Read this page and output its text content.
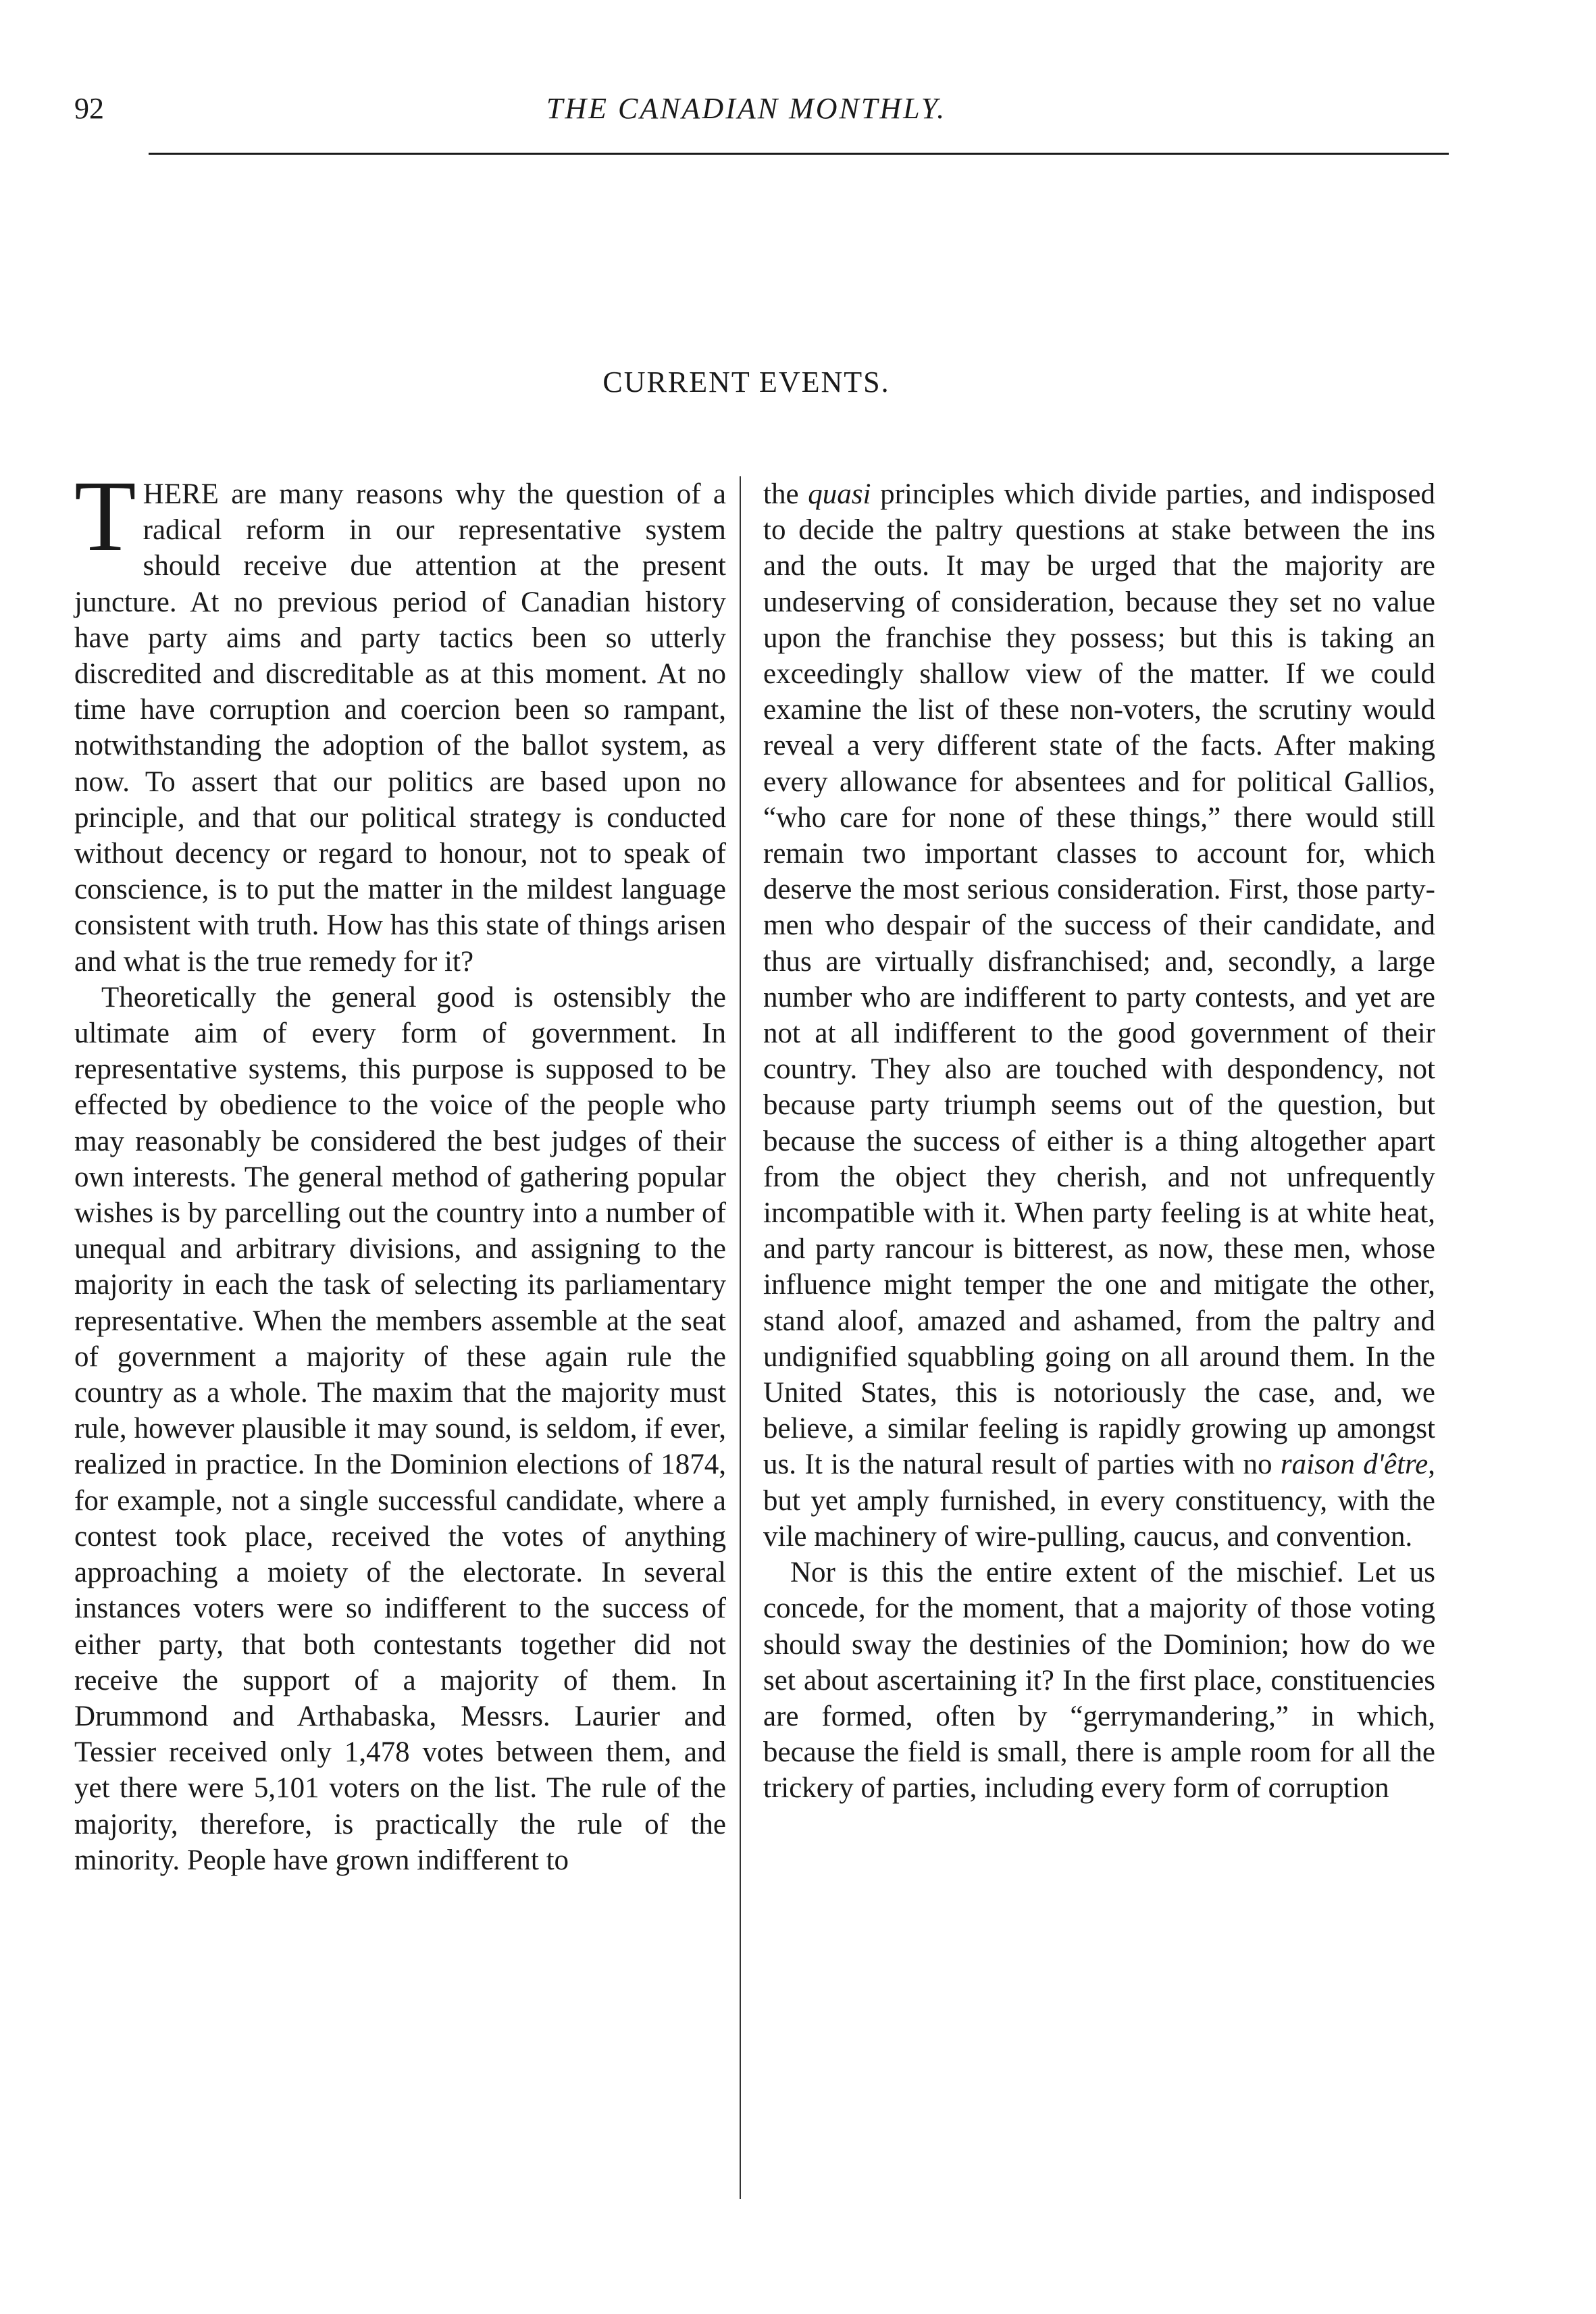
92	THE CANADIAN MONTHLY.
CURRENT EVENTS.

THERE are many reasons why the question of a radical reform in our representative system should receive due attention at the present juncture. At no previous period of Canadian history have party aims and party tactics been so utterly discredited and discreditable as at this moment. At no time have corruption and coercion been so rampant, notwithstanding the adoption of the ballot system, as now. To assert that our politics are based upon no principle, and that our political strategy is conducted without decency or regard to honour, not to speak of conscience, is to put the matter in the mildest language consistent with truth. How has this state of things arisen and what is the true remedy for it?

Theoretically the general good is ostensibly the ultimate aim of every form of government. In representative systems, this purpose is supposed to be effected by obedience to the voice of the people who may reasonably be considered the best judges of their own interests. The general method of gathering popular wishes is by parcelling out the country into a number of unequal and arbitrary divisions, and assigning to the majority in each the task of selecting its parliamentary representative. When the members assemble at the seat of government a majority of these again rule the country as a whole. The maxim that the majority must rule, however plausible it may sound, is seldom, if ever, realized in practice. In the Dominion elections of 1874, for example, not a single successful candidate, where a contest took place, received the votes of anything approaching a moiety of the electorate. In several instances voters were so indifferent to the success of either party, that both contestants together did not receive the support of a majority of them. In Drummond and Arthabaska, Messrs. Laurier and Tessier received only 1,478 votes between them, and yet there were 5,101 voters on the list. The rule of the majority, therefore, is practically the rule of the minority. People have grown indifferent to

the quasi principles which divide parties, and indisposed to decide the paltry questions at stake between the ins and the outs. It may be urged that the majority are undeserving of consideration, because they set no value upon the franchise they possess; but this is taking an exceedingly shallow view of the matter. If we could examine the list of these non-voters, the scrutiny would reveal a very different state of the facts. After making every allowance for absentees and for political Gallios, “who care for none of these things,” there would still remain two important classes to account for, which deserve the most serious consideration. First, those partymen who despair of the success of their candidate, and thus are virtually disfranchised; and, secondly, a large number who are indifferent to party contests, and yet are not at all indifferent to the good government of their country. They also are touched with despondency, not because party triumph seems out of the question, but because the success of either is a thing altogether apart from the object they cherish, and not unfrequently incompatible with it. When party feeling is at white heat, and party rancour is bitterest, as now, these men, whose influence might temper the one and mitigate the other, stand aloof, amazed and ashamed, from the paltry and undignified squabbling going on all around them. In the United States, this is notoriously the case, and, we believe, a similar feeling is rapidly growing up amongst us. It is the natural result of parties with no raison d'être, but yet amply furnished, in every constituency, with the vile machinery of wire-pulling, caucus, and convention.

Nor is this the entire extent of the mischief. Let us concede, for the moment, that a majority of those voting should sway the destinies of the Dominion; how do we set about ascertaining it? In the first place, constituencies are formed, often by “gerrymandering,” in which, because the field is small, there is ample room for all the trickery of parties, including every form of corruption
